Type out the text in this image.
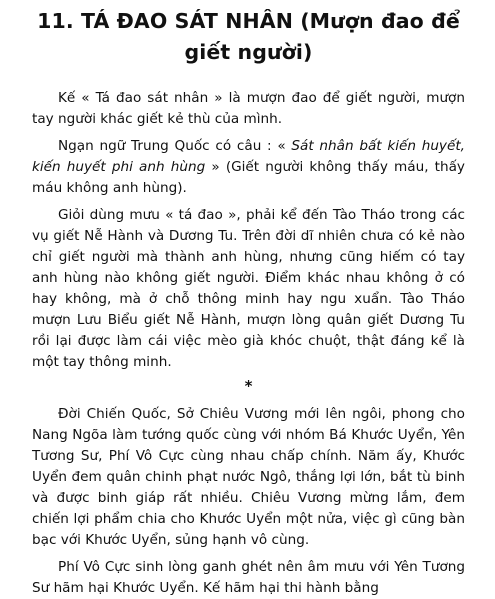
11. TÁ ĐAO SÁT NHÂN (Mượn đao để giết người)

Kế « Tá đao sát nhân » là mượn đao để giết người, mượn tay người khác giết kẻ thù của mình.

Ngạn ngữ Trung Quốc có câu : « Sát nhân bất kiến huyết, kiến huyết phi anh hùng » (Giết người không thấy máu, thấy máu không anh hùng).

Giỏi dùng mưu « tá đao », phải kể đến Tào Tháo trong các vụ giết Nễ Hành và Dương Tu. Trên đời dĩ nhiên chưa có kẻ nào chỉ giết người mà thành anh hùng, nhưng cũng hiếm có tay anh hùng nào không giết người. Điểm khác nhau không ở có hay không, mà ở chỗ thông minh hay ngu xuẩn. Tào Tháo mượn Lưu Biểu giết Nễ Hành, mượn lòng quân giết Dương Tu rồi lại được làm cái việc mèo già khóc chuột, thật đáng kể là một tay thông minh.

*

Đời Chiến Quốc, Sở Chiêu Vương mới lên ngôi, phong cho Nang Ngõa làm tướng quốc cùng với nhóm Bá Khước Uyển, Yên Tương Sư, Phí Vô Cực cùng nhau chấp chính. Năm ấy, Khước Uyển đem quân chinh phạt nước Ngô, thắng lợi lớn, bắt tù binh và được binh giáp rất nhiều. Chiêu Vương mừng lắm, đem chiến lợi phẩm chia cho Khước Uyển một nửa, việc gì cũng bàn bạc với Khước Uyển, sủng hạnh vô cùng.

Phí Vô Cực sinh lòng ganh ghét nên âm mưu với Yên Tương Sư hãm hại Khước Uyển. Kế hãm hại thi hành bằng
